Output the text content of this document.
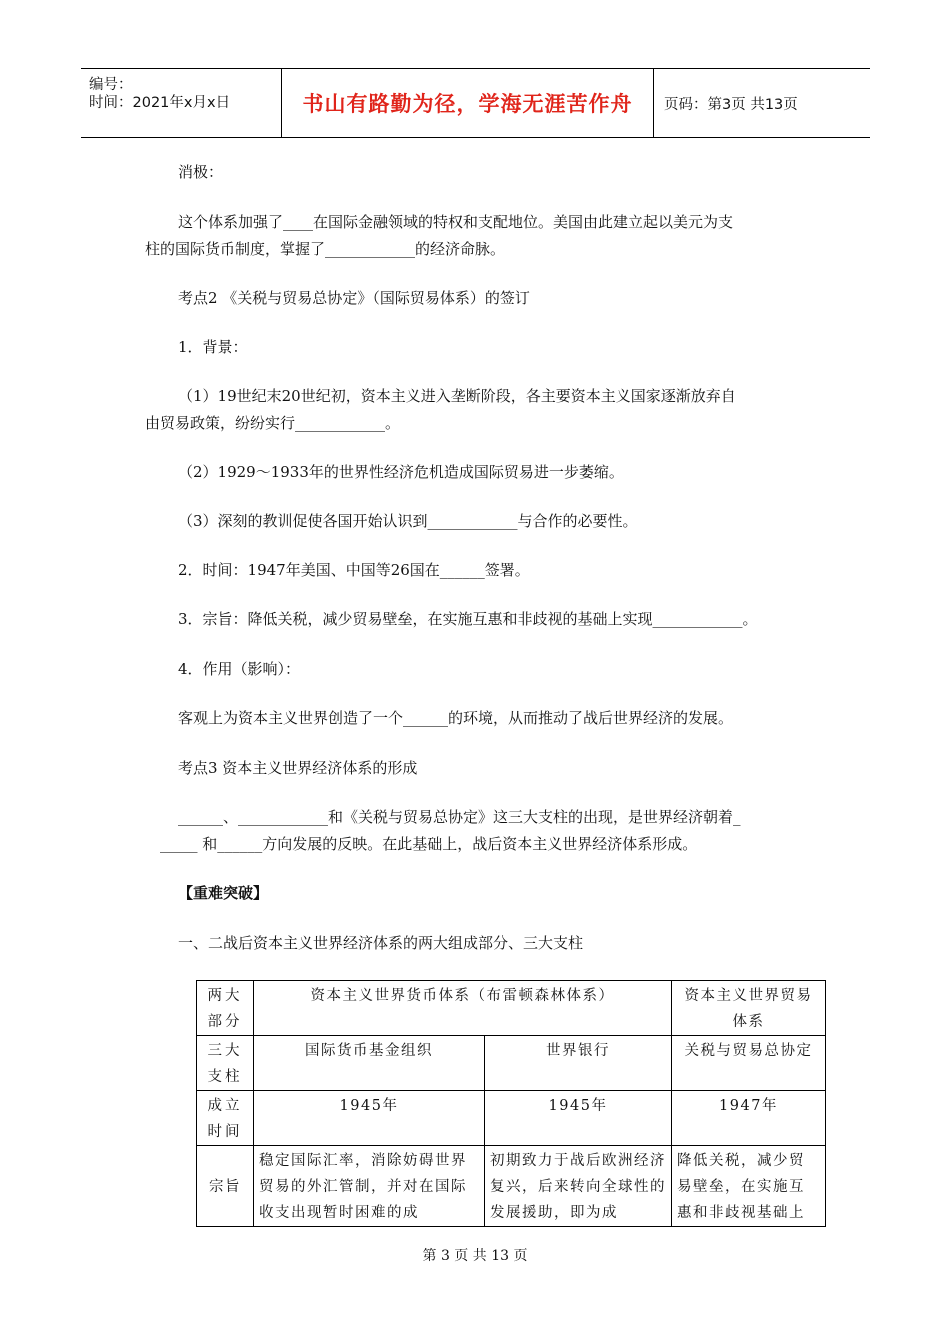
编号：
时间：2021年x月x日	书山有路勤为径，学海无涯苦作舟	页码：第3页 共13页
消极：
这个体系加强了____在国际金融领域的特权和支配地位。美国由此建立起以美元为支
柱的国际货币制度，掌握了____________的经济命脉。
考点2 《关税与贸易总协定》（国际贸易体系）的签订
1．背景：
（1）19世纪末20世纪初，资本主义进入垄断阶段，各主要资本主义国家逐渐放弃自
由贸易政策，纷纷实行____________。
（2）1929～1933年的世界性经济危机造成国际贸易进一步萎缩。
（3）深刻的教训促使各国开始认识到____________与合作的必要性。
2．时间：1947年美国、中国等26国在______签署。
3．宗旨：降低关税，减少贸易壁垒，在实施互惠和非歧视的基础上实现____________。
4．作用（影响）：
客观上为资本主义世界创造了一个______的环境，从而推动了战后世界经济的发展。
考点3 资本主义世界经济体系的形成
______、____________和《关税与贸易总协定》这三大支柱的出现，是世界经济朝着_
_____ 和______方向发展的反映。在此基础上，战后资本主义世界经济体系形成。
【重难突破】
一、二战后资本主义世界经济体系的两大组成部分、三大支柱
两大部分	资本主义世界货币体系（布雷顿森林体系）		资本主义世界贸易体系
三大支柱	国际货币基金组织	世界银行	关税与贸易总协定
成立时间	1945年	1945年	1947年
宗旨	稳定国际汇率，消除妨碍世界贸易的外汇管制，并对在国际收支出现暂时困难的成	初期致力于战后欧洲经济复兴，后来转向全球性的发展援助，即为成	降低关税，减少贸易壁垒，在实施互惠和非歧视基础上
第 3 页 共 13 页
